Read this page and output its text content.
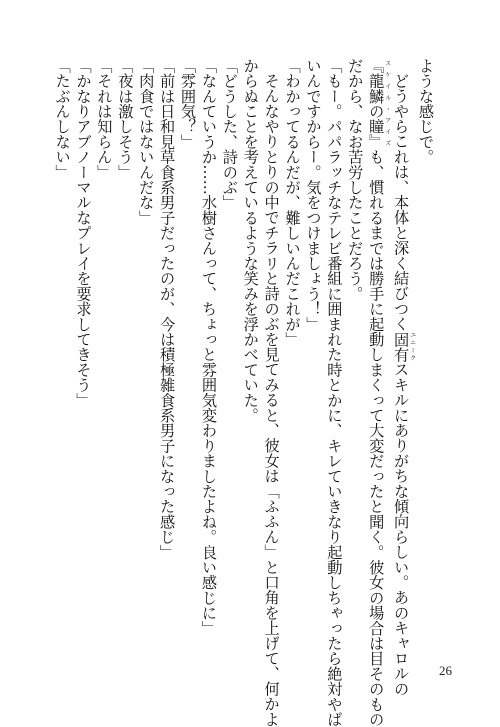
ような感じで。
どうやらこれは、本体と深く結びつく固有ユニークスキルにありがちな傾向らしい。あのキャロルの
『龍鱗の瞳』スケイル・アイズも、慣れるまでは勝手に起動しまくって大変だったと聞く。彼女の場合は目そのもの
だから、なお苦労したことだろう。
「もー。パパラッチなテレビ番組に囲まれた時とかに、キレていきなり起動しちゃったら絶対やば
いんですからー。気をつけましょう！」
「わかってるんだが、難しいんだこれが」
そんなやりとりの中でチラリと詩のぶを見てみると、彼女は「ふふん」と口角を上げて、何かよ
からぬことを考えているような笑みを浮かべていた。
「どうした、詩のぶ」
「なんていうか……水樹さんって、ちょっと雰囲気変わりましたよね。良い感じに」
「雰囲気？」
「前は日和見草食系男子だったのが、今は積極雑食系男子になった感じ」
「肉食ではないんだな」
「夜は激しそう」
「それは知らん」
「かなりアブノーマルなプレイを要求してきそう」
「たぶんしない」
26
